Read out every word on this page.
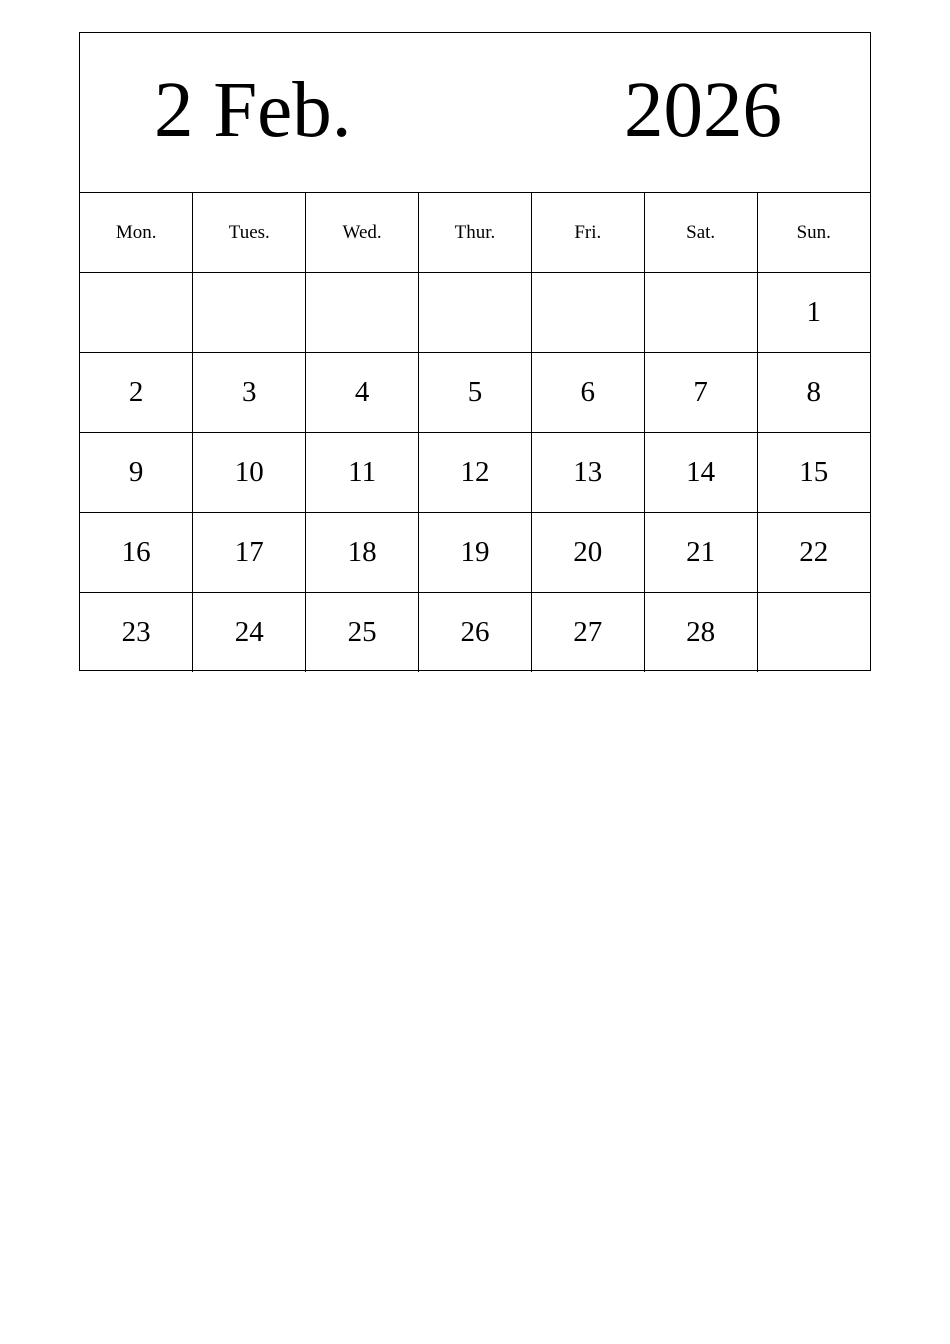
2 Feb.	2026
Mon.	Tues.	Wed.	Thur.	Fri.	Sat.	Sun.
						1
2	3	4	5	6	7	8
9	10	11	12	13	14	15
16	17	18	19	20	21	22
23	24	25	26	27	28	
